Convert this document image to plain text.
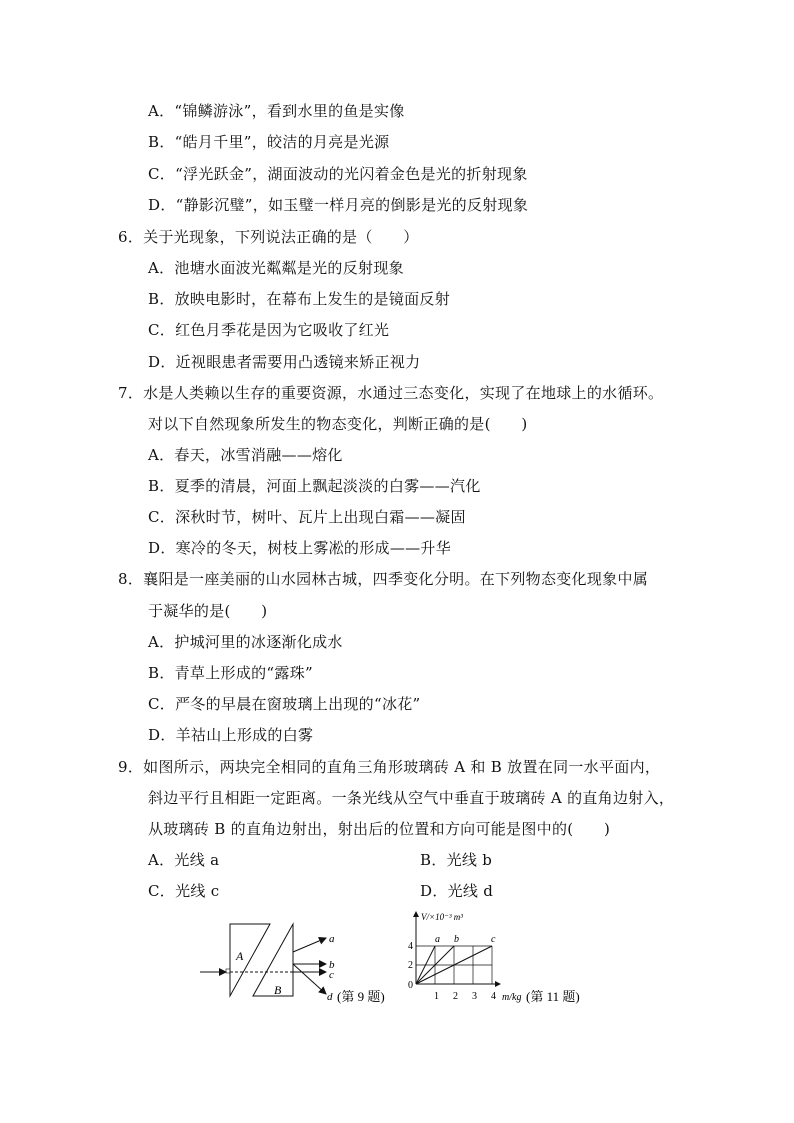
A．“锦鳞游泳”，看到水里的鱼是实像
B．“皓月千里”，皎洁的月亮是光源
C．“浮光跃金”，湖面波动的光闪着金色是光的折射现象
D．“静影沉璧”，如玉璧一样月亮的倒影是光的反射现象
6．关于光现象，下列说法正确的是（　　）
A．池塘水面波光粼粼是光的反射现象
B．放映电影时，在幕布上发生的是镜面反射
C．红色月季花是因为它吸收了红光
D．近视眼患者需要用凸透镜来矫正视力
7．水是人类赖以生存的重要资源，水通过三态变化，实现了在地球上的水循环。
对以下自然现象所发生的物态变化，判断正确的是(　　)
A．春天，冰雪消融——熔化
B．夏季的清晨，河面上飘起淡淡的白雾——汽化
C．深秋时节，树叶、瓦片上出现白霜——凝固
D．寒冷的冬天，树枝上雾凇的形成——升华
8．襄阳是一座美丽的山水园林古城，四季变化分明。在下列物态变化现象中属
于凝华的是(　　)
A．护城河里的冰逐渐化成水
B．青草上形成的“露珠”
C．严冬的早晨在窗玻璃上出现的“冰花”
D．羊祜山上形成的白雾
9．如图所示，两块完全相同的直角三角形玻璃砖 A 和 B 放置在同一水平面内，
斜边平行且相距一定距离。一条光线从空气中垂直于玻璃砖 A 的直角边射入，
从玻璃砖 B 的直角边射出，射出后的位置和方向可能是图中的(　　)
A．光线 a	B．光线 b
C．光线 c	D．光线 d
A
B
a
b
c
d (第 9 题)
V/×10⁻³ m³
m/kg
0
2
4
1 2 3 4
a b	c
(第 11 题)
